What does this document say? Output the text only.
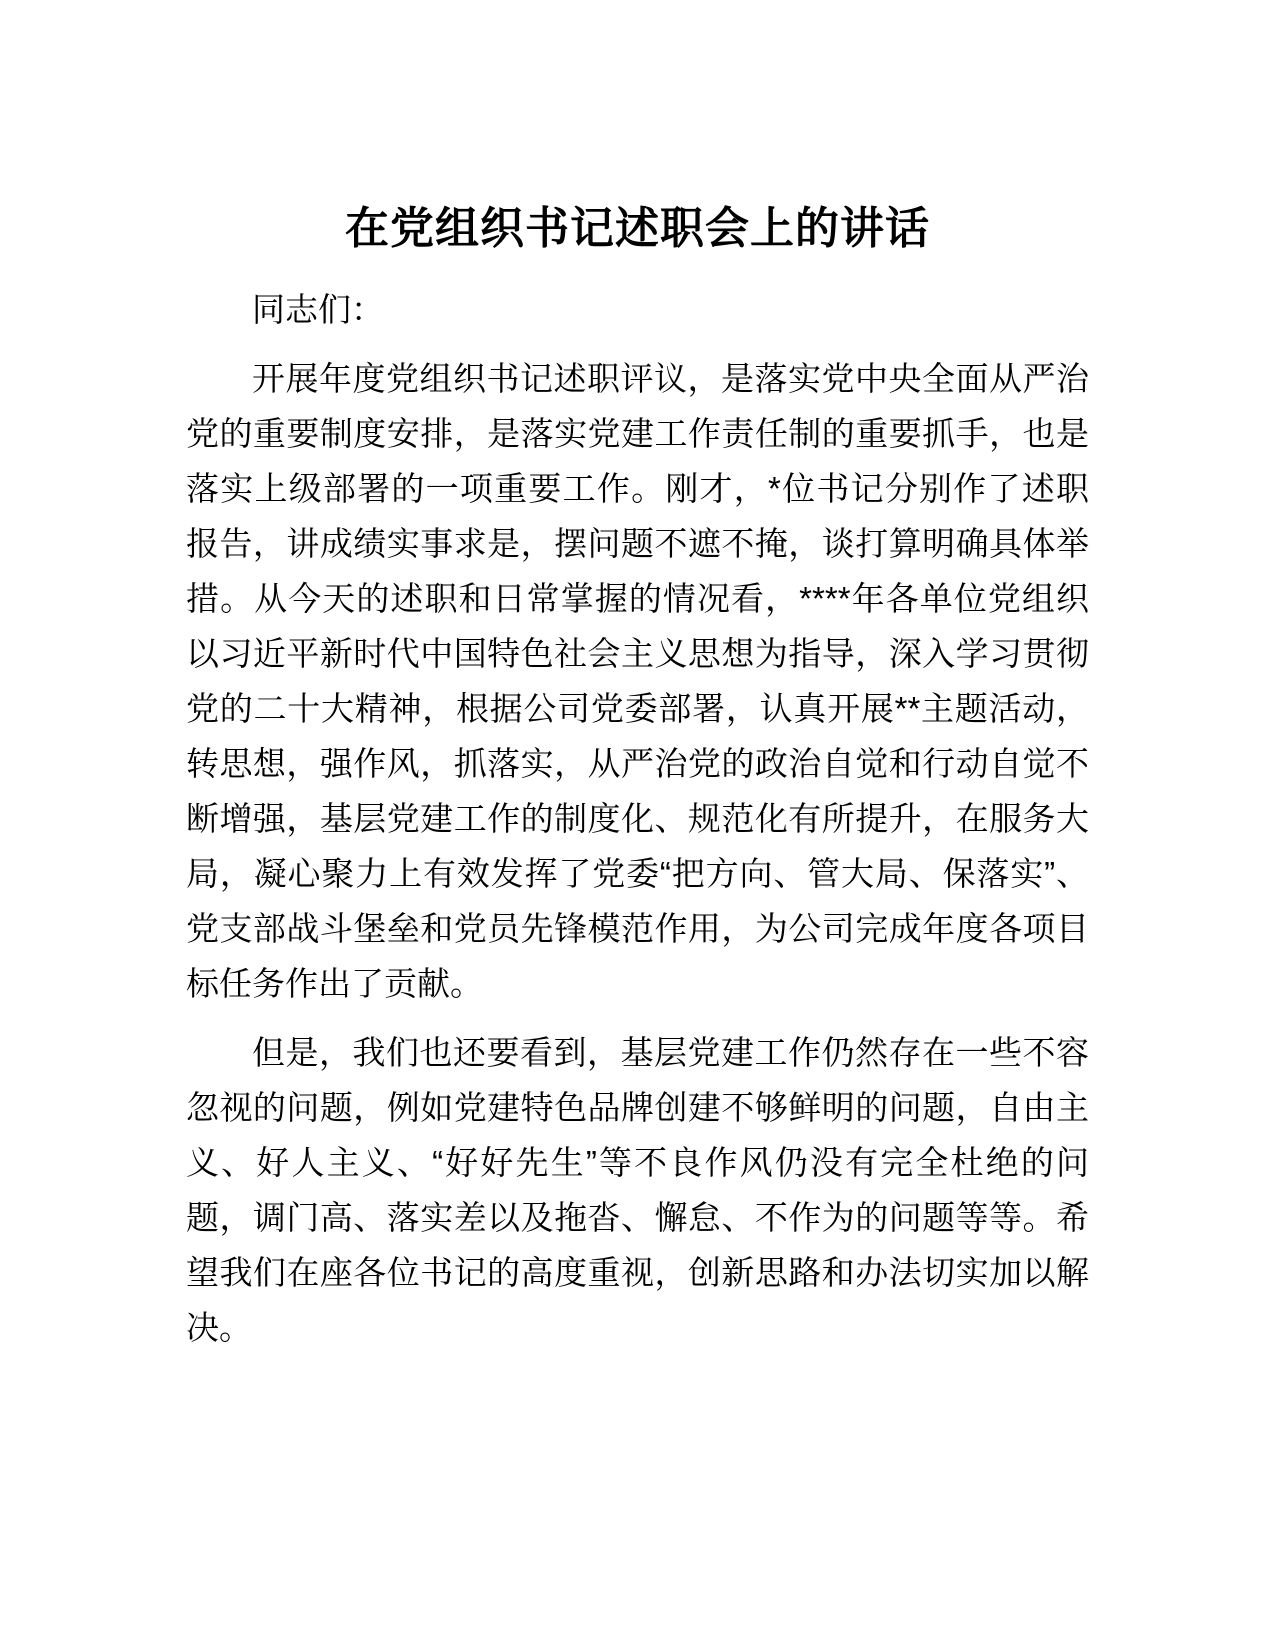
在党组织书记述职会上的讲话

同志们：

开展年度党组织书记述职评议，是落实党中央全面从严治党的重要制度安排，是落实党建工作责任制的重要抓手，也是落实上级部署的一项重要工作。刚才，*位书记分别作了述职报告，讲成绩实事求是，摆问题不遮不掩，谈打算明确具体举措。从今天的述职和日常掌握的情况看，****年各单位党组织以习近平新时代中国特色社会主义思想为指导，深入学习贯彻党的二十大精神，根据公司党委部署，认真开展**主题活动，转思想，强作风，抓落实，从严治党的政治自觉和行动自觉不断增强，基层党建工作的制度化、规范化有所提升，在服务大局，凝心聚力上有效发挥了党委“把方向、管大局、保落实”、党支部战斗堡垒和党员先锋模范作用，为公司完成年度各项目标任务作出了贡献。

但是，我们也还要看到，基层党建工作仍然存在一些不容忽视的问题，例如党建特色品牌创建不够鲜明的问题，自由主义、好人主义、“好好先生”等不良作风仍没有完全杜绝的问题，调门高、落实差以及拖沓、懈怠、不作为的问题等等。希望我们在座各位书记的高度重视，创新思路和办法切实加以解决。
